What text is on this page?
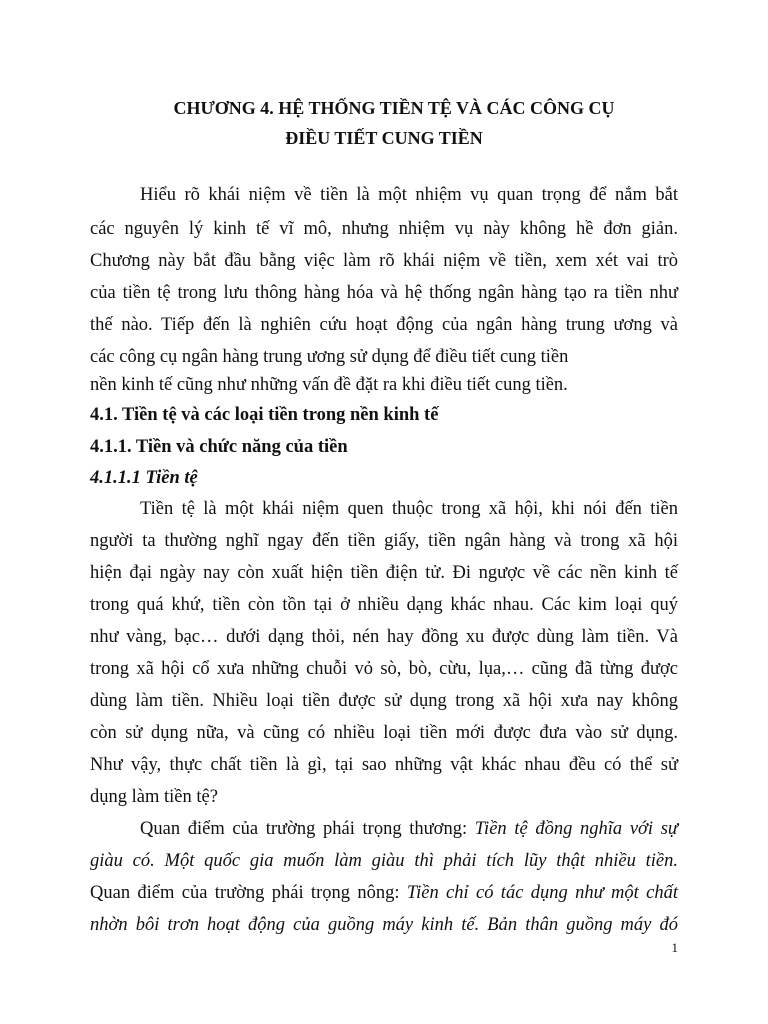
CHƯƠNG 4. HỆ THỐNG TIỀN TỆ VÀ CÁC CÔNG CỤ
ĐIỀU TIẾT CUNG TIỀN
Hiểu rõ khái niệm về tiền là một nhiệm vụ quan trọng để nắm bắt
các nguyên lý kinh tế vĩ mô, nhưng nhiệm vụ này không hề đơn giản.
Chương này bắt đầu bằng việc làm rõ khái niệm về tiền, xem xét vai trò
của tiền tệ trong lưu thông hàng hóa và hệ thống ngân hàng tạo ra tiền như
thế nào. Tiếp đến là nghiên cứu hoạt động của ngân hàng trung ương và
các công cụ ngân hàng trung ương sử dụng để điều tiết cung tiền
nền kinh tế cũng như những vấn đề đặt ra khi điều tiết cung tiền.
4.1. Tiền tệ và các loại tiền trong nền kinh tế
4.1.1. Tiền và chức năng của tiền
4.1.1.1 Tiền tệ
Tiền tệ là một khái niệm quen thuộc trong xã hội, khi nói đến tiền
người ta thường nghĩ ngay đến tiền giấy, tiền ngân hàng và trong xã hội
hiện đại ngày nay còn xuất hiện tiền điện tử. Đi ngược về các nền kinh tế
trong quá khứ, tiền còn tồn tại ở nhiều dạng khác nhau. Các kim loại quý
như vàng, bạc… dưới dạng thỏi, nén hay đồng xu được dùng làm tiền. Và
trong xã hội cổ xưa những chuỗi vỏ sò, bò, cừu, lụa,… cũng đã từng được
dùng làm tiền. Nhiều loại tiền được sử dụng trong xã hội xưa nay không
còn sử dụng nữa, và cũng có nhiều loại tiền mới được đưa vào sử dụng.
Như vậy, thực chất tiền là gì, tại sao những vật khác nhau đều có thể sử
dụng làm tiền tệ?
Quan điểm của trường phái trọng thương: Tiền tệ đồng nghĩa với sự
giàu có. Một quốc gia muốn làm giàu thì phải tích lũy thật nhiều tiền.
Quan điểm của trường phái trọng nông: Tiền chỉ có tác dụng như một chất
nhờn bôi trơn hoạt động của guồng máy kinh tế. Bản thân guồng máy đó
1
